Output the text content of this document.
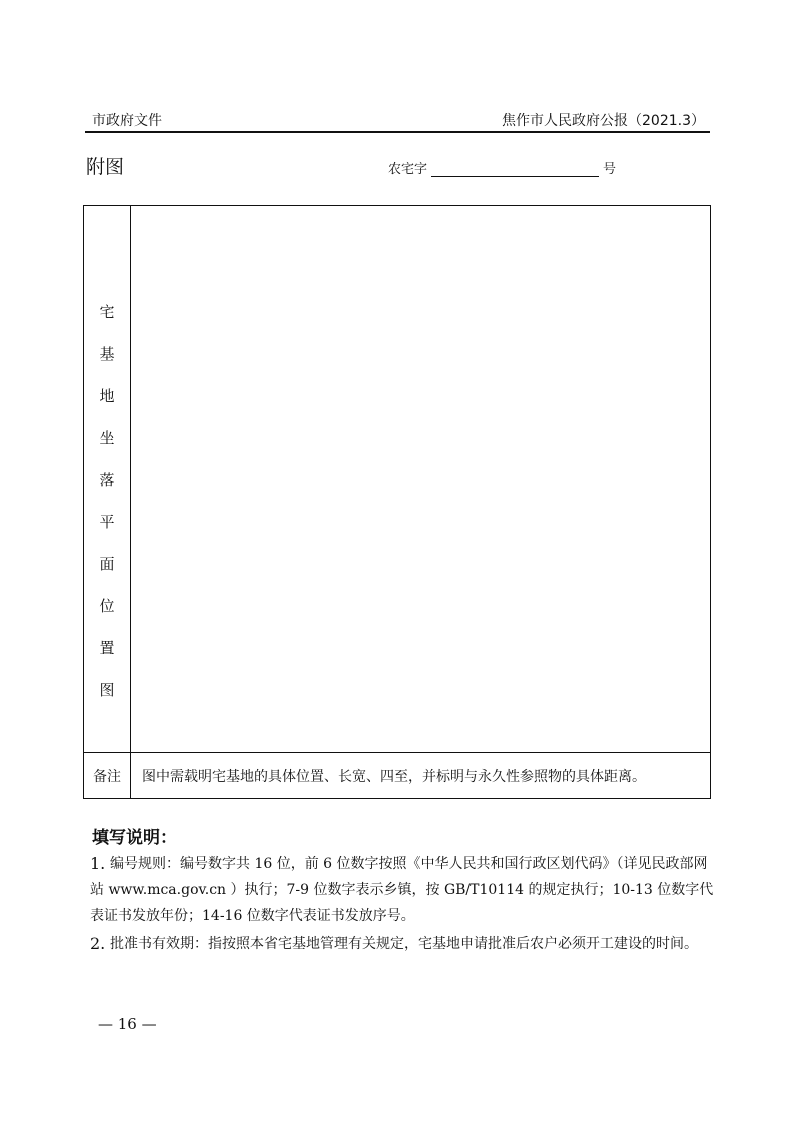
市政府文件	焦作市人民政府公报（2021.3）
附图	农宅字	号
宅
基
地
坐
落
平
面
位
置
图
备注	图中需载明宅基地的具体位置、长宽、四至，并标明与永久性参照物的具体距离。
填写说明：
1. 编号规则：编号数字共 16 位，前 6 位数字按照《中华人民共和国行政区划代码》（详见民政部网站 www.mca.gov.cn ）执行；7-9 位数字表示乡镇，按 GB/T10114 的规定执行；10-13 位数字代表证书发放年份；14-16 位数字代表证书发放序号。
2. 批准书有效期：指按照本省宅基地管理有关规定，宅基地申请批准后农户必须开工建设的时间。
— 16 —
